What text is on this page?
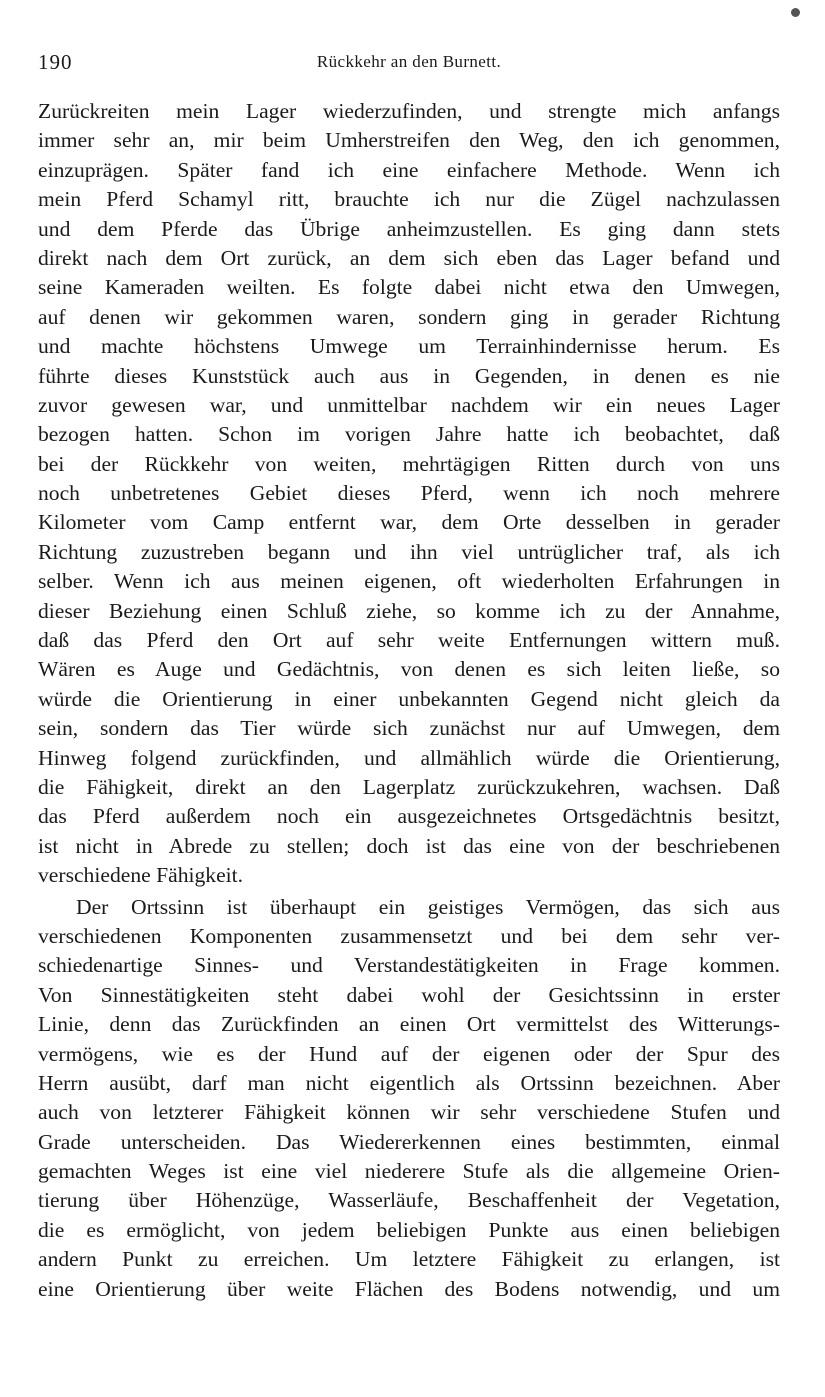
190	Rückkehr an den Burnett.
Zurückreiten mein Lager wiederzufinden, und strengte mich anfangs
immer sehr an, mir beim Umherstreifen den Weg, den ich genommen,
einzuprägen. Später fand ich eine einfachere Methode. Wenn ich
mein Pferd Schamyl ritt, brauchte ich nur die Zügel nachzulassen
und dem Pferde das Übrige anheimzustellen. Es ging dann stets
direkt nach dem Ort zurück, an dem sich eben das Lager befand und
seine Kameraden weilten. Es folgte dabei nicht etwa den Umwegen,
auf denen wir gekommen waren, sondern ging in gerader Richtung
und machte höchstens Umwege um Terrainhindernisse herum. Es
führte dieses Kunststück auch aus in Gegenden, in denen es nie
zuvor gewesen war, und unmittelbar nachdem wir ein neues Lager
bezogen hatten. Schon im vorigen Jahre hatte ich beobachtet, daß
bei der Rückkehr von weiten, mehrtägigen Ritten durch von uns
noch unbetretenes Gebiet dieses Pferd, wenn ich noch mehrere
Kilometer vom Camp entfernt war, dem Orte desselben in gerader
Richtung zuzustreben begann und ihn viel untrüglicher traf, als ich
selber. Wenn ich aus meinen eigenen, oft wiederholten Erfahrungen in
dieser Beziehung einen Schluß ziehe, so komme ich zu der Annahme,
daß das Pferd den Ort auf sehr weite Entfernungen wittern muß.
Wären es Auge und Gedächtnis, von denen es sich leiten ließe, so
würde die Orientierung in einer unbekannten Gegend nicht gleich da
sein, sondern das Tier würde sich zunächst nur auf Umwegen, dem
Hinweg folgend zurückfinden, und allmählich würde die Orientierung,
die Fähigkeit, direkt an den Lagerplatz zurückzukehren, wachsen. Daß
das Pferd außerdem noch ein ausgezeichnetes Ortsgedächtnis besitzt,
ist nicht in Abrede zu stellen; doch ist das eine von der beschriebenen
verschiedene Fähigkeit.
Der Ortssinn ist überhaupt ein geistiges Vermögen, das sich aus
verschiedenen Komponenten zusammensetzt und bei dem sehr ver-
schiedenartige Sinnes- und Verstandestätigkeiten in Frage kommen.
Von Sinnestätigkeiten steht dabei wohl der Gesichtssinn in erster
Linie, denn das Zurückfinden an einen Ort vermittelst des Witterungs-
vermögens, wie es der Hund auf der eigenen oder der Spur des
Herrn ausübt, darf man nicht eigentlich als Ortssinn bezeichnen. Aber
auch von letzterer Fähigkeit können wir sehr verschiedene Stufen und
Grade unterscheiden. Das Wiedererkennen eines bestimmten, einmal
gemachten Weges ist eine viel niederere Stufe als die allgemeine Orien-
tierung über Höhenzüge, Wasserläufe, Beschaffenheit der Vegetation,
die es ermöglicht, von jedem beliebigen Punkte aus einen beliebigen
andern Punkt zu erreichen. Um letztere Fähigkeit zu erlangen, ist
eine Orientierung über weite Flächen des Bodens notwendig, und um
